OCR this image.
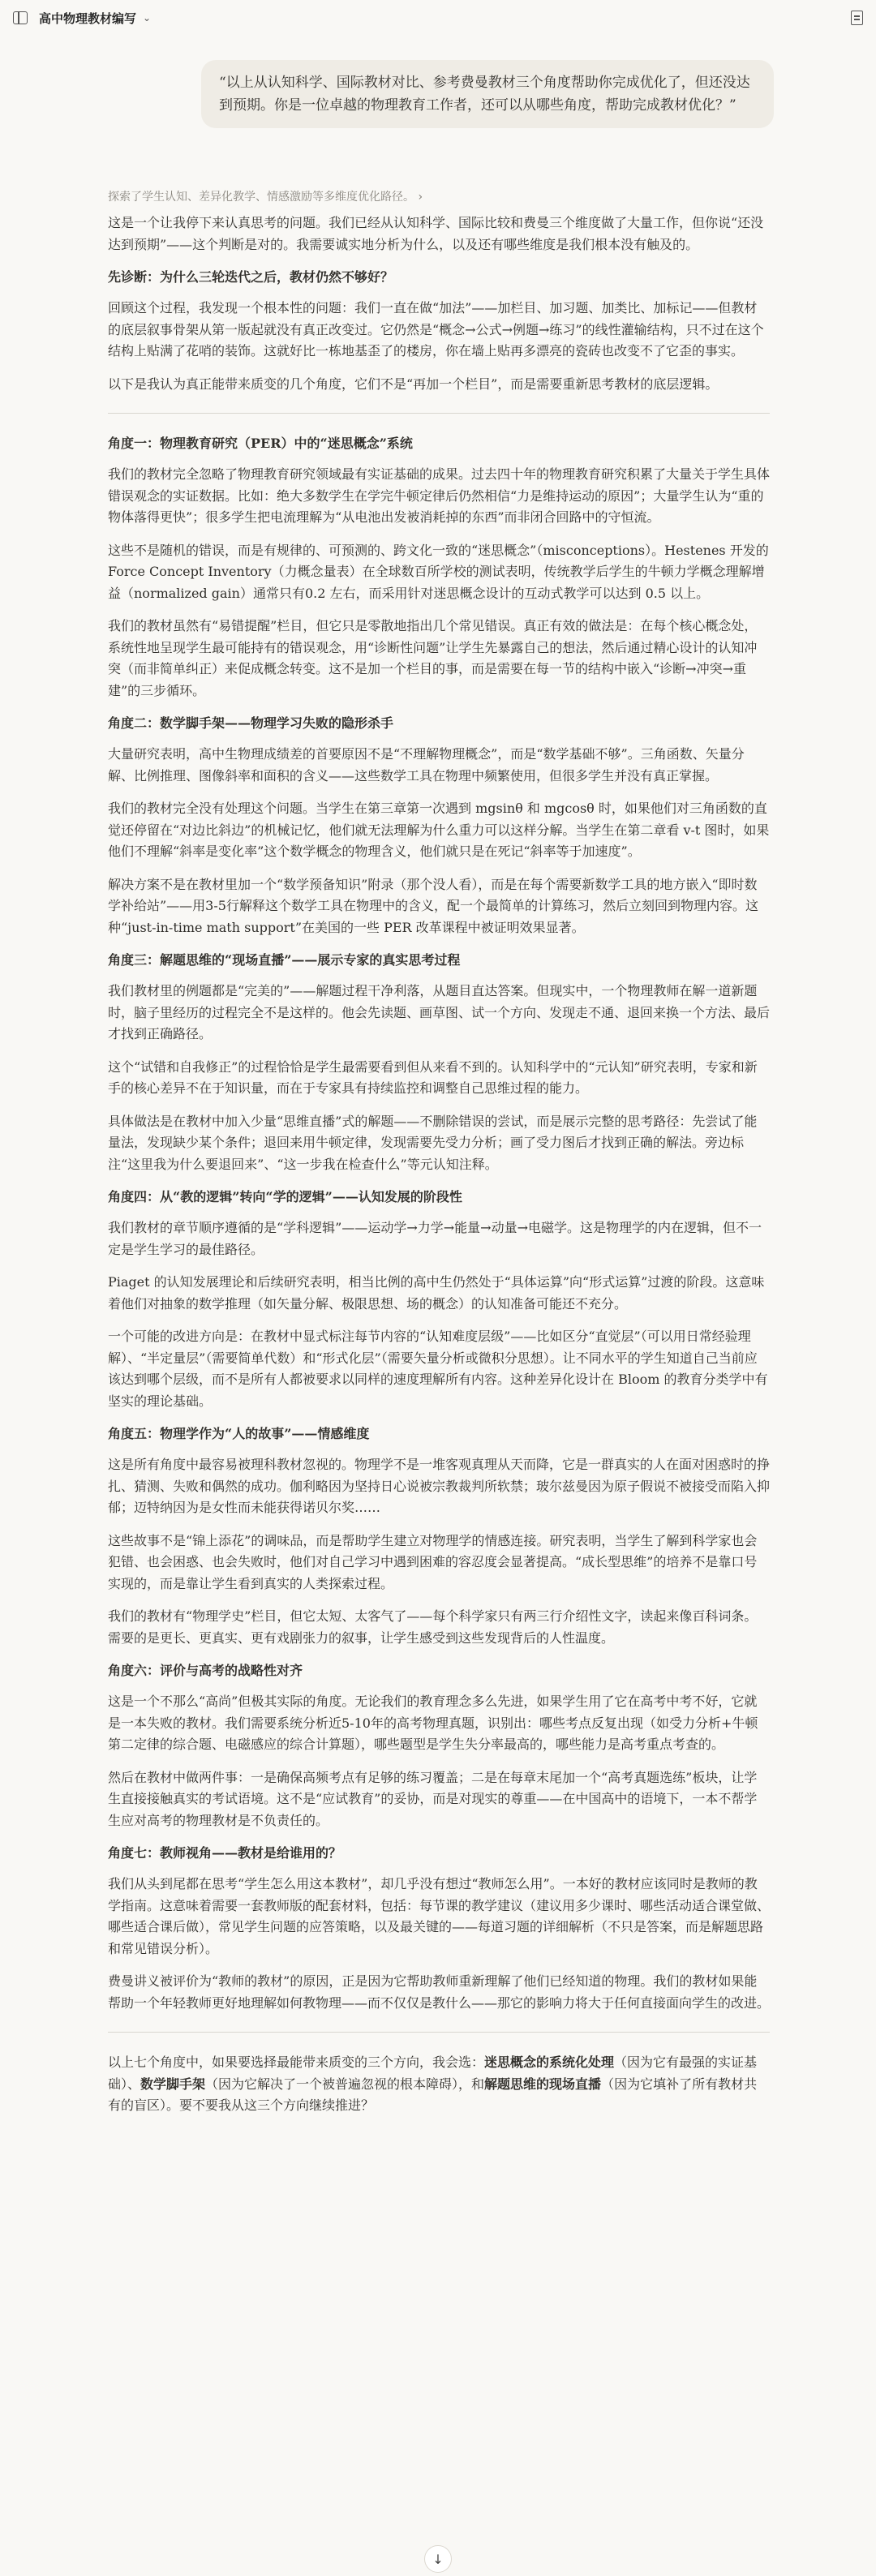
高中物理教材编写 ⌄
“以上从认知科学、国际教材对比、参考费曼教材三个角度帮助你完成优化了，但还没达到预期。你是一位卓越的物理教育工作者，还可以从哪些角度，帮助完成教材优化？”
探索了学生认知、差异化教学、情感激励等多维度优化路径。 ›

这是一个让我停下来认真思考的问题。我们已经从认知科学、国际比较和费曼三个维度做了大量工作，但你说“还没达到预期”——这个判断是对的。我需要诚实地分析为什么，以及还有哪些维度是我们根本没有触及的。

先诊断：为什么三轮迭代之后，教材仍然不够好？

回顾这个过程，我发现一个根本性的问题：我们一直在做“加法”——加栏目、加习题、加类比、加标记——但教材的底层叙事骨架从第一版起就没有真正改变过。它仍然是“概念→公式→例题→练习”的线性灌输结构，只不过在这个结构上贴满了花哨的装饰。这就好比一栋地基歪了的楼房，你在墙上贴再多漂亮的瓷砖也改变不了它歪的事实。

以下是我认为真正能带来质变的几个角度，它们不是“再加一个栏目”，而是需要重新思考教材的底层逻辑。

角度一：物理教育研究（PER）中的“迷思概念”系统

我们的教材完全忽略了物理教育研究领域最有实证基础的成果。过去四十年的物理教育研究积累了大量关于学生具体错误观念的实证数据。比如：绝大多数学生在学完牛顿定律后仍然相信“力是维持运动的原因”；大量学生认为“重的物体落得更快”；很多学生把电流理解为“从电池出发被消耗掉的东西”而非闭合回路中的守恒流。

这些不是随机的错误，而是有规律的、可预测的、跨文化一致的“迷思概念”（misconceptions）。Hestenes 开发的 Force Concept Inventory（力概念量表）在全球数百所学校的测试表明，传统教学后学生的牛顿力学概念理解增益（normalized gain）通常只有0.2 左右，而采用针对迷思概念设计的互动式教学可以达到 0.5 以上。

我们的教材虽然有“易错提醒”栏目，但它只是零散地指出几个常见错误。真正有效的做法是：在每个核心概念处，系统性地呈现学生最可能持有的错误观念，用“诊断性问题”让学生先暴露自己的想法，然后通过精心设计的认知冲突（而非简单纠正）来促成概念转变。这不是加一个栏目的事，而是需要在每一节的结构中嵌入“诊断→冲突→重建”的三步循环。

角度二：数学脚手架——物理学习失败的隐形杀手

大量研究表明，高中生物理成绩差的首要原因不是“不理解物理概念”，而是“数学基础不够”。三角函数、矢量分解、比例推理、图像斜率和面积的含义——这些数学工具在物理中频繁使用，但很多学生并没有真正掌握。

我们的教材完全没有处理这个问题。当学生在第三章第一次遇到 mgsinθ 和 mgcosθ 时，如果他们对三角函数的直觉还停留在“对边比斜边”的机械记忆，他们就无法理解为什么重力可以这样分解。当学生在第二章看 v-t 图时，如果他们不理解“斜率是变化率”这个数学概念的物理含义，他们就只是在死记“斜率等于加速度”。

解决方案不是在教材里加一个“数学预备知识”附录（那个没人看），而是在每个需要新数学工具的地方嵌入“即时数学补给站”——用3-5行解释这个数学工具在物理中的含义，配一个最简单的计算练习，然后立刻回到物理内容。这种“just-in-time math support”在美国的一些 PER 改革课程中被证明效果显著。

角度三：解题思维的“现场直播”——展示专家的真实思考过程

我们教材里的例题都是“完美的”——解题过程干净利落，从题目直达答案。但现实中，一个物理教师在解一道新题时，脑子里经历的过程完全不是这样的。他会先读题、画草图、试一个方向、发现走不通、退回来换一个方法、最后才找到正确路径。

这个“试错和自我修正”的过程恰恰是学生最需要看到但从来看不到的。认知科学中的“元认知”研究表明，专家和新手的核心差异不在于知识量，而在于专家具有持续监控和调整自己思维过程的能力。

具体做法是在教材中加入少量“思维直播”式的解题——不删除错误的尝试，而是展示完整的思考路径：先尝试了能量法，发现缺少某个条件；退回来用牛顿定律，发现需要先受力分析；画了受力图后才找到正确的解法。旁边标注“这里我为什么要退回来”、“这一步我在检查什么”等元认知注释。

角度四：从“教的逻辑”转向“学的逻辑”——认知发展的阶段性

我们教材的章节顺序遵循的是“学科逻辑”——运动学→力学→能量→动量→电磁学。这是物理学的内在逻辑，但不一定是学生学习的最佳路径。

Piaget 的认知发展理论和后续研究表明，相当比例的高中生仍然处于“具体运算”向“形式运算”过渡的阶段。这意味着他们对抽象的数学推理（如矢量分解、极限思想、场的概念）的认知准备可能还不充分。

一个可能的改进方向是：在教材中显式标注每节内容的“认知难度层级”——比如区分“直觉层”（可以用日常经验理解）、“半定量层”（需要简单代数）和“形式化层”（需要矢量分析或微积分思想）。让不同水平的学生知道自己当前应该达到哪个层级，而不是所有人都被要求以同样的速度理解所有内容。这种差异化设计在 Bloom 的教育分类学中有坚实的理论基础。

角度五：物理学作为“人的故事”——情感维度

这是所有角度中最容易被理科教材忽视的。物理学不是一堆客观真理从天而降，它是一群真实的人在面对困惑时的挣扎、猜测、失败和偶然的成功。伽利略因为坚持日心说被宗教裁判所软禁；玻尔兹曼因为原子假说不被接受而陷入抑郁；迈特纳因为是女性而未能获得诺贝尔奖……

这些故事不是“锦上添花”的调味品，而是帮助学生建立对物理学的情感连接。研究表明，当学生了解到科学家也会犯错、也会困惑、也会失败时，他们对自己学习中遇到困难的容忍度会显著提高。“成长型思维”的培养不是靠口号实现的，而是靠让学生看到真实的人类探索过程。

我们的教材有“物理学史”栏目，但它太短、太客气了——每个科学家只有两三行介绍性文字，读起来像百科词条。需要的是更长、更真实、更有戏剧张力的叙事，让学生感受到这些发现背后的人性温度。

角度六：评价与高考的战略性对齐

这是一个不那么“高尚”但极其实际的角度。无论我们的教育理念多么先进，如果学生用了它在高考中考不好，它就是一本失败的教材。我们需要系统分析近5-10年的高考物理真题，识别出：哪些考点反复出现（如受力分析+牛顿第二定律的综合题、电磁感应的综合计算题），哪些题型是学生失分率最高的，哪些能力是高考重点考查的。

然后在教材中做两件事：一是确保高频考点有足够的练习覆盖；二是在每章末尾加一个“高考真题选练”板块，让学生直接接触真实的考试语境。这不是“应试教育”的妥协，而是对现实的尊重——在中国高中的语境下，一本不帮学生应对高考的物理教材是不负责任的。

角度七：教师视角——教材是给谁用的？

我们从头到尾都在思考“学生怎么用这本教材”，却几乎没有想过“教师怎么用”。一本好的教材应该同时是教师的教学指南。这意味着需要一套教师版的配套材料，包括：每节课的教学建议（建议用多少课时、哪些活动适合课堂做、哪些适合课后做），常见学生问题的应答策略，以及最关键的——每道习题的详细解析（不只是答案，而是解题思路和常见错误分析）。

费曼讲义被评价为“教师的教材”的原因，正是因为它帮助教师重新理解了他们已经知道的物理。我们的教材如果能帮助一个年轻教师更好地理解如何教物理——而不仅仅是教什么——那它的影响力将大于任何直接面向学生的改进。

以上七个角度中，如果要选择最能带来质变的三个方向，我会选：迷思概念的系统化处理（因为它有最强的实证基础）、数学脚手架（因为它解决了一个被普遍忽视的根本障碍），和解题思维的现场直播（因为它填补了所有教材共有的盲区）。要不要我从这三个方向继续推进？

↓
